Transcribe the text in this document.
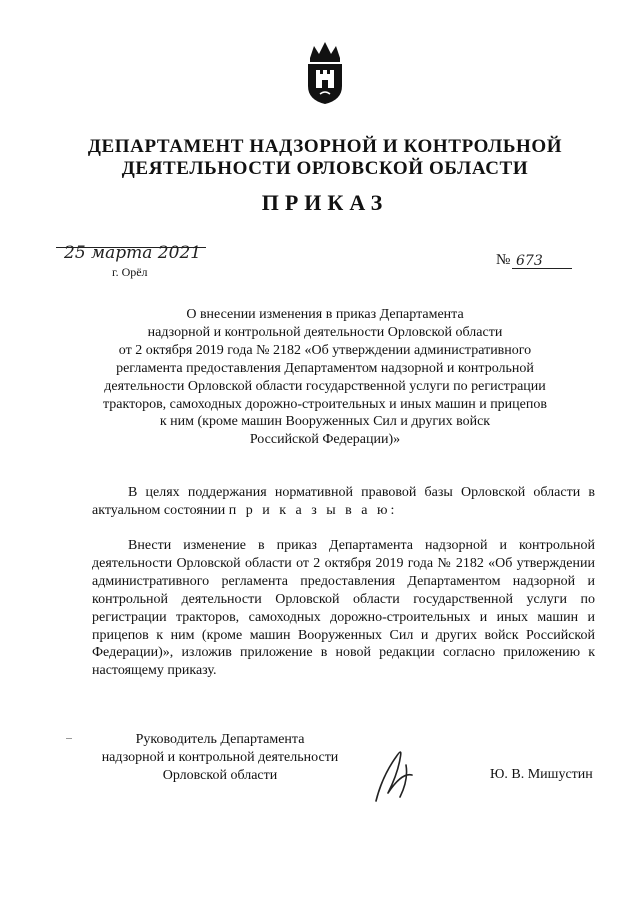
ДЕПАРТАМЕНТ НАДЗОРНОЙ И КОНТРОЛЬНОЙ
ДЕЯТЕЛЬНОСТИ ОРЛОВСКОЙ ОБЛАСТИ
ПРИКАЗ
25 марта 2021
г. Орёл
№ 673
О внесении изменения в приказ Департамента
надзорной и контрольной деятельности Орловской области
от 2 октября 2019 года № 2182 «Об утверждении административного
регламента предоставления Департаментом надзорной и контрольной
деятельности Орловской области государственной услуги по регистрации
тракторов, самоходных дорожно-строительных и иных машин и прицепов
к ним (кроме машин Вооруженных Сил и других войск
Российской Федерации)»
В целях поддержания нормативной правовой базы Орловской области в актуальном состоянии п р и к а з ы в а ю:
Внести изменение в приказ Департамента надзорной и контрольной деятельности Орловской области от 2 октября 2019 года № 2182 «Об утверждении административного регламента предоставления Департаментом надзорной и контрольной деятельности Орловской области государственной услуги по регистрации тракторов, самоходных дорожно-строительных и иных машин и прицепов к ним (кроме машин Вооруженных Сил и других войск Российской Федерации)», изложив приложение в новой редакции согласно приложению к настоящему приказу.
Руководитель Департамента
надзорной и контрольной деятельности
Орловской области	Ю. В. Мишустин
